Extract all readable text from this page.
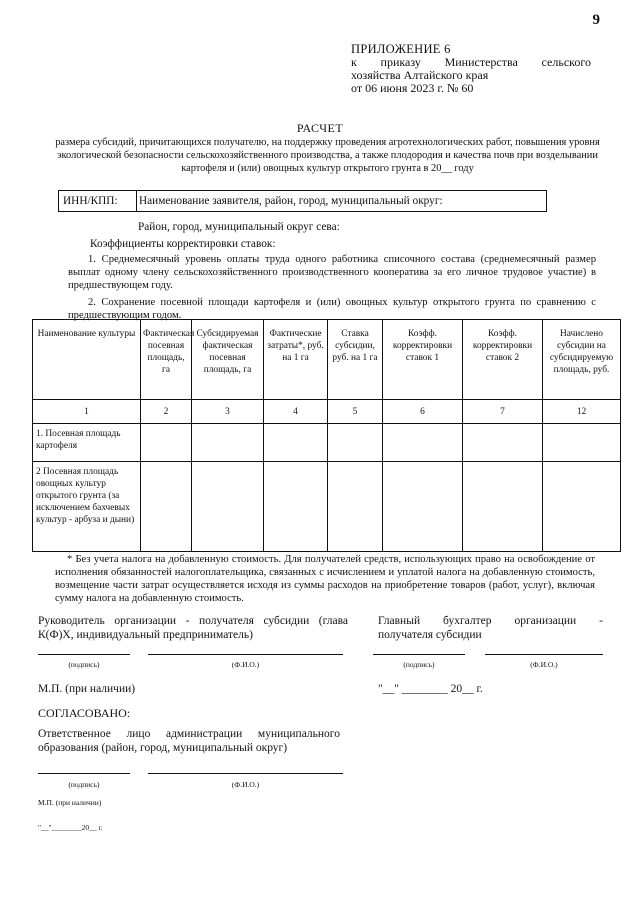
9
ПРИЛОЖЕНИЕ 6
к приказу Министерства сельского
хозяйства Алтайского края
от 06 июня 2023 г. № 60
РАСЧЕТ
размера субсидий, причитающихся получателю, на поддержку проведения агротехнологических работ, повышения уровня экологической безопасности сельскохозяйственного производства, а также плодородия и качества почв при возделывании картофеля и (или) овощных культур открытого грунта в 20__ году
ИНН/КПП:	Наименование заявителя, район, город, муниципальный округ:
Район, город, муниципальный округ сева:
Коэффициенты корректировки ставок:
1. Среднемесячный уровень оплаты труда одного работника списочного состава (среднемесячный размер выплат одному члену сельскохозяйственного производственного кооператива за его личное трудовое участие) в предшествующем году.
2. Сохранение посевной площади картофеля и (или) овощных культур открытого грунта по сравнению с предшествующим годом.
Наименование культуры	Фактическая посевная площадь, га	Субсидируемая фактическая посевная площадь, га	Фактические затраты*, руб. на 1 га	Ставка субсидии, руб. на 1 га	Коэфф. корректировки ставок 1	Коэфф. корректировки ставок 2	Начислено субсидии на субсидируемую площадь, руб.
1	2	3	4	5	6	7	12
1. Посевная площадь картофеля							
2 Посевная площадь овощных культур открытого грунта (за исключением бахчевых культур - арбуза и дыни)							
* Без учета налога на добавленную стоимость. Для получателей средств, использующих право на освобождение от исполнения обязанностей налогоплательщика, связанных с исчислением и уплатой налога на добавленную стоимость, возмещение части затрат осуществляется исходя из суммы расходов на приобретение товаров (работ, услуг), включая сумму налога на добавленную стоимость.
Руководитель организации - получателя субсидии (глава К(Ф)Х, индивидуальный предприниматель)
Главный бухгалтер организации -
получателя субсидии
(подпись)	(Ф.И.О.)	(подпись)	(Ф.И.О.)
М.П. (при наличии)	"__" ________ 20__ г.
СОГЛАСОВАНО:
Ответственное лицо администрации муниципального образования (район, город, муниципальный округ)
(подпись)	(Ф.И.О.)
М.П. (при наличии)
"__"________20__ г.
